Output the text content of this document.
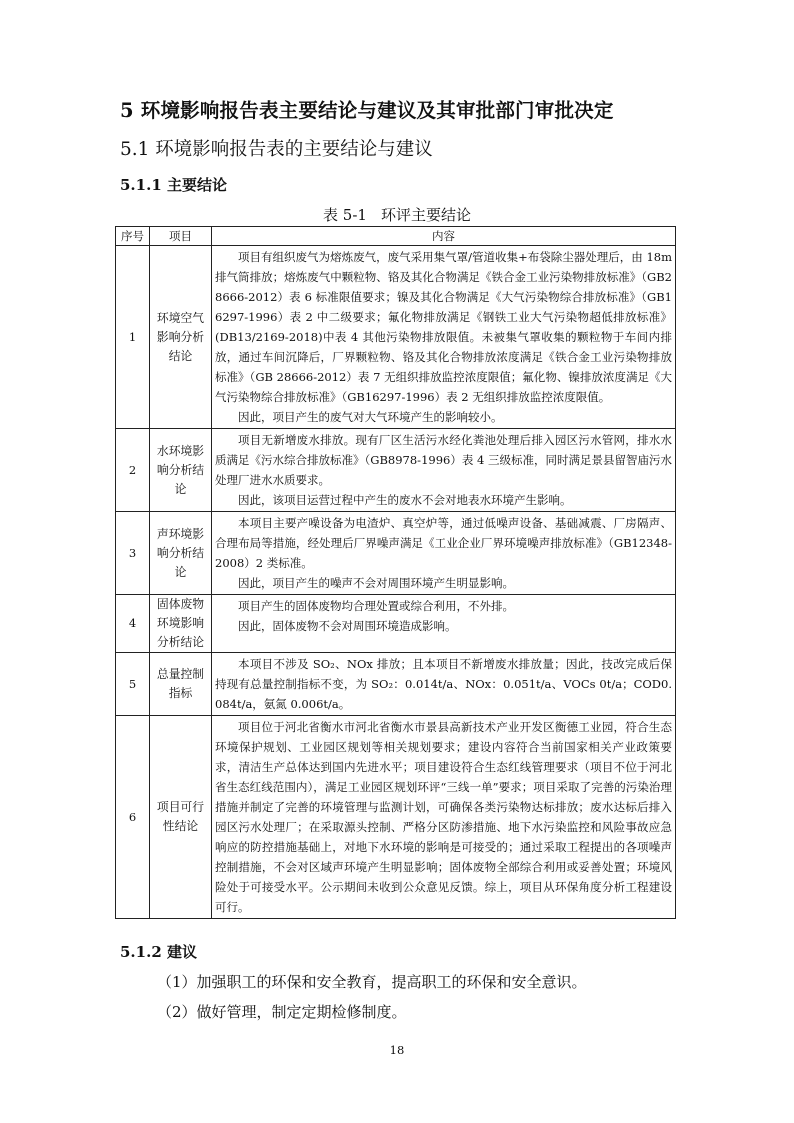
5 环境影响报告表主要结论与建议及其审批部门审批决定
5.1 环境影响报告表的主要结论与建议
5.1.1 主要结论
表 5-1 环评主要结论
序号	项目	内容
1	环境空气影响分析结论	项目有组织废气为熔炼废气，废气采用集气罩/管道收集+布袋除尘器处理后，由 18m 排气筒排放；熔炼废气中颗粒物、铬及其化合物满足《铁合金工业污染物排放标准》（GB28666-2012）表 6 标准限值要求；镍及其化合物满足《大气污染物综合排放标准》（GB16297-1996）表 2 中二级要求；氟化物排放满足《钢铁工业大气污染物超低排放标准》(DB13/2169-2018)中表 4 其他污染物排放限值。未被集气罩收集的颗粒物于车间内排放，通过车间沉降后，厂界颗粒物、铬及其化合物排放浓度满足《铁合金工业污染物排放标准》（GB 28666-2012）表 7 无组织排放监控浓度限值；氟化物、镍排放浓度满足《大气污染物综合排放标准》（GB16297-1996）表 2 无组织排放监控浓度限值。

因此，项目产生的废气对大气环境产生的影响较小。

2	水环境影响分析结论	项目无新增废水排放。现有厂区生活污水经化粪池处理后排入园区污水管网，排水水质满足《污水综合排放标准》（GB8978-1996）表 4 三级标准，同时满足景县留智庙污水处理厂进水水质要求。

因此，该项目运营过程中产生的废水不会对地表水环境产生影响。

3	声环境影响分析结论	本项目主要产噪设备为电渣炉、真空炉等，通过低噪声设备、基础减震、厂房隔声、合理布局等措施，经处理后厂界噪声满足《工业企业厂界环境噪声排放标准》（GB12348-2008）2 类标准。

因此，项目产生的噪声不会对周围环境产生明显影响。

4	固体废物环境影响分析结论	项目产生的固体废物均合理处置或综合利用，不外排。

因此，固体废物不会对周围环境造成影响。

5	总量控制指标	本项目不涉及 SO₂、NOx 排放；且本项目不新增废水排放量；因此，技改完成后保持现有总量控制指标不变，为 SO₂：0.014t/a、NOx：0.051t/a、VOCs 0t/a；COD0.084t/a，氨氮 0.006t/a。

6	项目可行性结论	项目位于河北省衡水市河北省衡水市景县高新技术产业开发区衡德工业园，符合生态环境保护规划、工业园区规划等相关规划要求；建设内容符合当前国家相关产业政策要求，清洁生产总体达到国内先进水平；项目建设符合生态红线管理要求（项目不位于河北省生态红线范围内），满足工业园区规划环评“三线一单”要求；项目采取了完善的污染治理措施并制定了完善的环境管理与监测计划，可确保各类污染物达标排放；废水达标后排入园区污水处理厂；在采取源头控制、严格分区防渗措施、地下水污染监控和风险事故应急响应的防控措施基础上，对地下水环境的影响是可接受的；通过采取工程提出的各项噪声控制措施，不会对区域声环境产生明显影响；固体废物全部综合利用或妥善处置；环境风险处于可接受水平。公示期间未收到公众意见反馈。综上，项目从环保角度分析工程建设可行。

5.1.2 建议
（1）加强职工的环保和安全教育，提高职工的环保和安全意识。
（2）做好管理，制定定期检修制度。
18
